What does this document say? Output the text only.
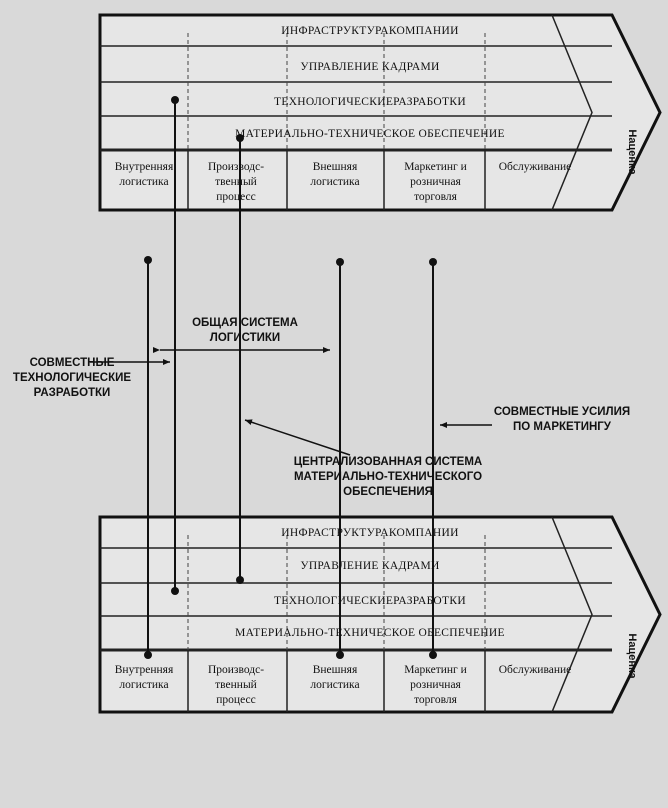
ИНФРАСТРУКТУРАКОМПАНИИ
УПРАВЛЕНИЕ КАДРАМИ
ТЕХНОЛОГИЧЕСКИЕРАЗРАБОТКИ
МАТЕРИАЛЬНО-ТЕХНИЧЕСКОЕ ОБЕСПЕЧЕНИЕ
Внутренняя логистика
Производс-твенный процесс
Внешняя логистика
Маркетинг и розничная торговля
Обслуживание	Наценка
ОБЩАЯ СИСТЕМА ЛОГИСТИКИ
СОВМЕСТНЫЕ ТЕХНОЛОГИЧЕСКИЕ РАЗРАБОТКИ
СОВМЕСТНЫЕ УСИЛИЯ ПО МАРКЕТИНГУ
ЦЕНТРАЛИЗОВАННАЯ СИСТЕМА МАТЕРИАЛЬНО-ТЕХНИЧЕСКОГО ОБЕСПЕЧЕНИЯ
ИНФРАСТРУКТУРАКОМПАНИИ
УПРАВЛЕНИЕ КАДРАМИ
ТЕХНОЛОГИЧЕСКИЕРАЗРАБОТКИ
МАТЕРИАЛЬНО-ТЕХНИЧЕСКОЕ ОБЕСПЕЧЕНИЕ
Внутренняя логистика
Производс-твенный процесс
Внешняя логистика
Маркетинг и розничная торговля
Обслуживание	Наценка
